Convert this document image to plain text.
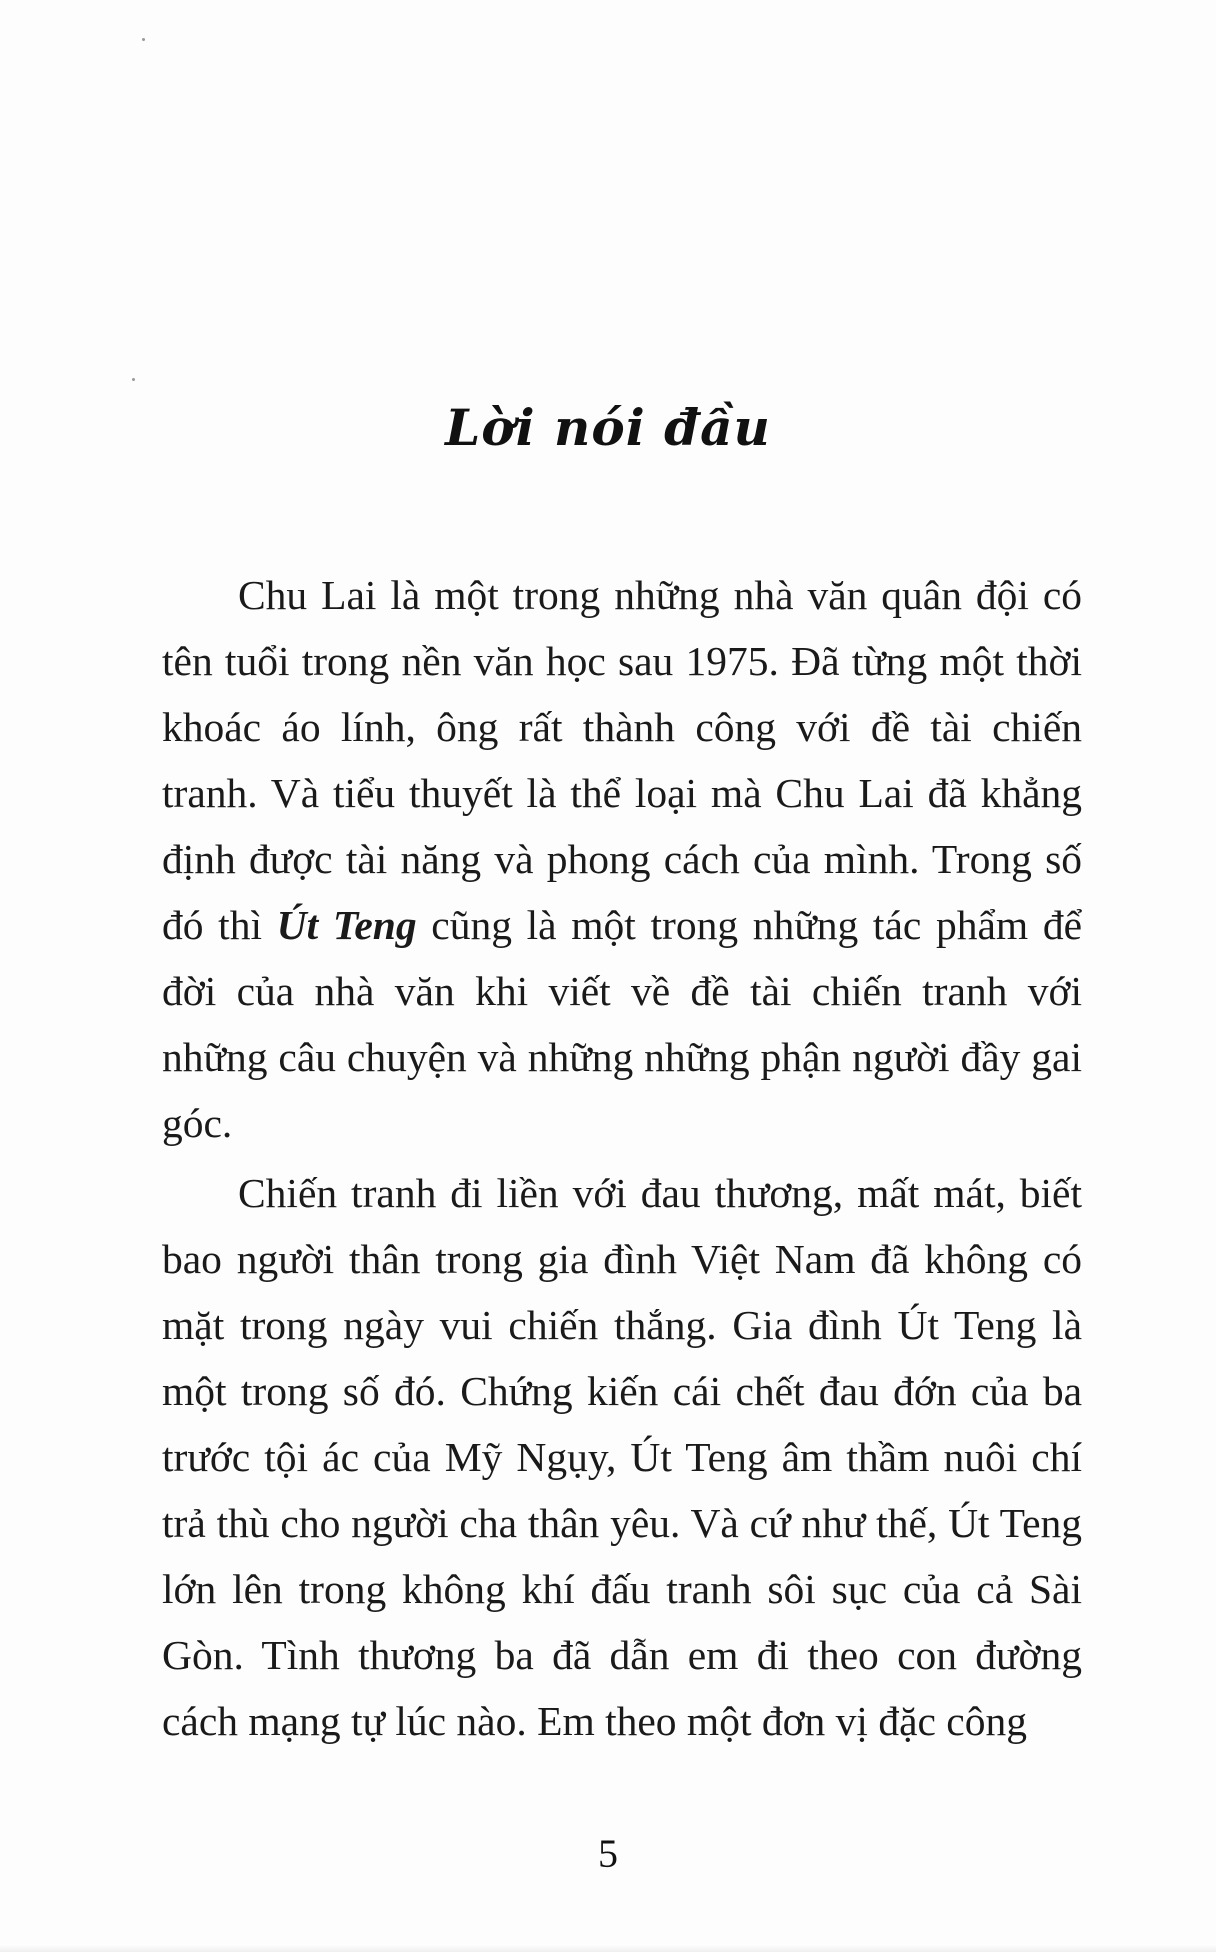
Lời nói đầu

Chu Lai là một trong những nhà văn quân đội có tên tuổi trong nền văn học sau 1975. Đã từng một thời khoác áo lính, ông rất thành công với đề tài chiến tranh. Và tiểu thuyết là thể loại mà Chu Lai đã khẳng định được tài năng và phong cách của mình. Trong số đó thì Út Teng cũng là một trong những tác phẩm để đời của nhà văn khi viết về đề tài chiến tranh với những câu chuyện và những những phận người đầy gai góc.

Chiến tranh đi liền với đau thương, mất mát, biết bao người thân trong gia đình Việt Nam đã không có mặt trong ngày vui chiến thắng. Gia đình Út Teng là một trong số đó. Chứng kiến cái chết đau đớn của ba trước tội ác của Mỹ Ngụy, Út Teng âm thầm nuôi chí trả thù cho người cha thân yêu. Và cứ như thế, Út Teng lớn lên trong không khí đấu tranh sôi sục của cả Sài Gòn. Tình thương ba đã dẫn em đi theo con đường cách mạng tự lúc nào. Em theo một đơn vị đặc công

5
